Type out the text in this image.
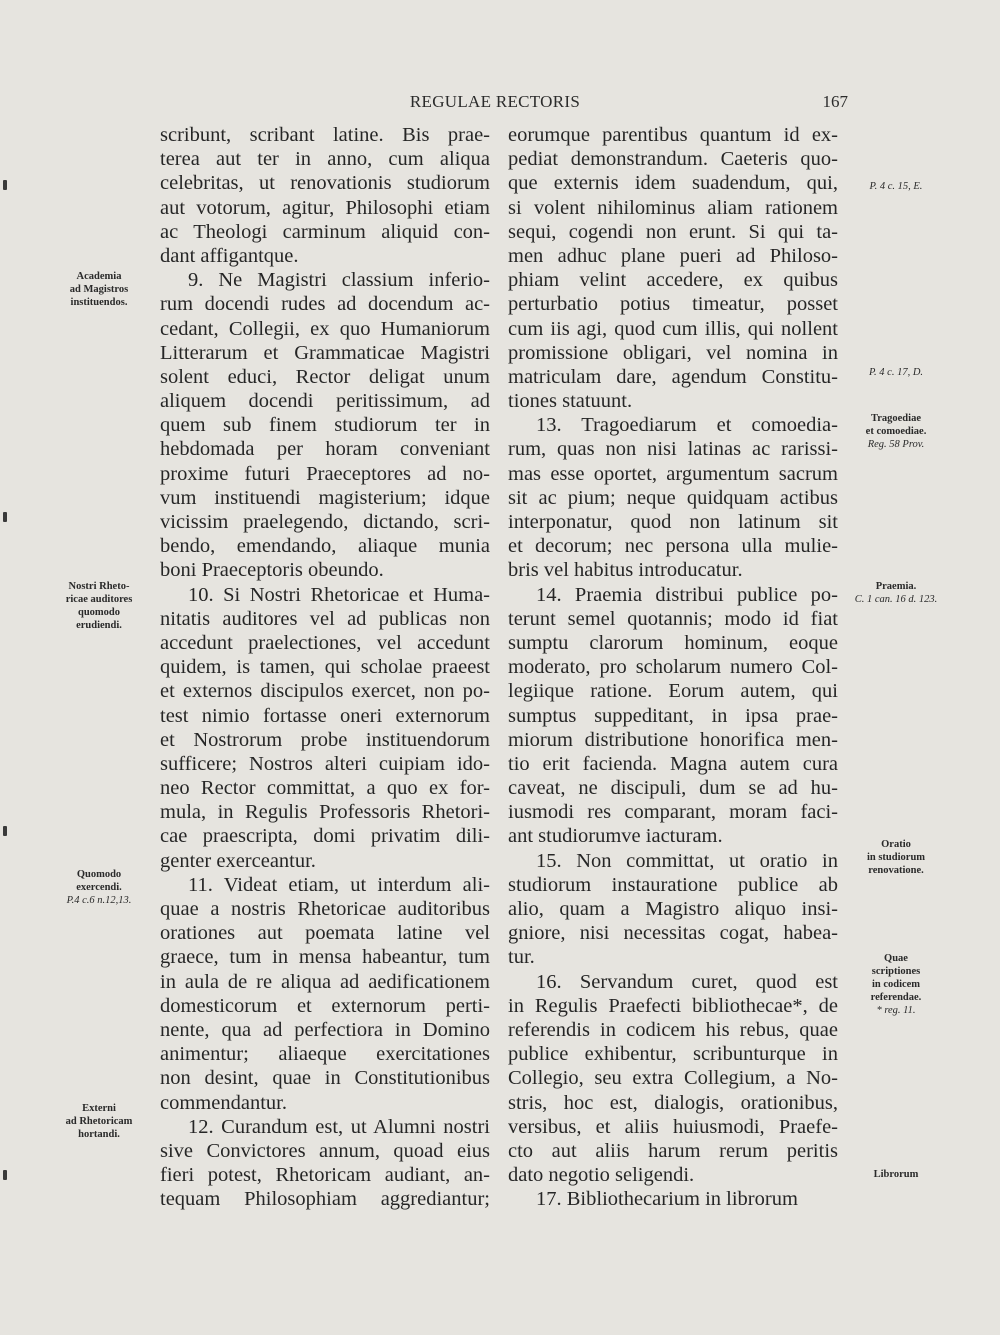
REGULAE RECTORIS	167
scribunt, scribant latine. Bis prae-
terea aut ter in anno, cum aliqua
celebritas, ut renovationis studiorum
aut votorum, agitur, Philosophi etiam
ac Theologi carminum aliquid con-
dant affigantque.
9. Ne Magistri classium inferio-
rum docendi rudes ad docendum ac-
cedant, Collegii, ex quo Humaniorum
Litterarum et Grammaticae Magistri
solent educi, Rector deligat unum
aliquem docendi peritissimum, ad
quem sub finem studiorum ter in
hebdomada per horam conveniant
proxime futuri Praeceptores ad no-
vum instituendi magisterium; idque
vicissim praelegendo, dictando, scri-
bendo, emendando, aliaque munia
boni Praeceptoris obeundo.
10. Si Nostri Rhetoricae et Huma-
nitatis auditores vel ad publicas non
accedunt praelectiones, vel accedunt
quidem, is tamen, qui scholae praeest
et externos discipulos exercet, non po-
test nimio fortasse oneri externorum
et Nostrorum probe instituendorum
sufficere; Nostros alteri cuipiam ido-
neo Rector committat, a quo ex for-
mula, in Regulis Professoris Rhetori-
cae praescripta, domi privatim dili-
genter exerceantur.
11. Videat etiam, ut interdum ali-
quae a nostris Rhetoricae auditoribus
orationes aut poemata latine vel
graece, tum in mensa habeantur, tum
in aula de re aliqua ad aedificationem
domesticorum et externorum perti-
nente, qua ad perfectiora in Domino
animentur; aliaeque exercitationes
non desint, quae in Constitutionibus
commendantur.
12. Curandum est, ut Alumni nostri
sive Convictores annum, quoad eius
fieri potest, Rhetoricam audiant, an-
tequam Philosophiam aggrediantur;
eorumque parentibus quantum id ex-
pediat demonstrandum. Caeteris quo-
que externis idem suadendum, qui,
si volent nihilominus aliam rationem
sequi, cogendi non erunt. Si qui ta-
men adhuc plane pueri ad Philoso-
phiam velint accedere, ex quibus
perturbatio potius timeatur, posset
cum iis agi, quod cum illis, qui nollent
promissione obligari, vel nomina in
matriculam dare, agendum Constitu-
tiones statuunt.
13. Tragoediarum et comoedia-
rum, quas non nisi latinas ac rarissi-
mas esse oportet, argumentum sacrum
sit ac pium; neque quidquam actibus
interponatur, quod non latinum sit
et decorum; nec persona ulla mulie-
bris vel habitus introducatur.
14. Praemia distribui publice po-
terunt semel quotannis; modo id fiat
sumptu clarorum hominum, eoque
moderato, pro scholarum numero Col-
legiique ratione. Eorum autem, qui
sumptus suppeditant, in ipsa prae-
miorum distributione honorifica men-
tio erit facienda. Magna autem cura
caveat, ne discipuli, dum se ad hu-
iusmodi res comparant, moram faci-
ant studiorumve iacturam.
15. Non committat, ut oratio in
studiorum instauratione publice ab
alio, quam a Magistro aliquo insi-
gniore, nisi necessitas cogat, habea-
tur.
16. Servandum curet, quod est
in Regulis Praefecti bibliothecae*, de
referendis in codicem his rebus, quae
publice exhibentur, scribunturque in
Collegio, seu extra Collegium, a No-
stris, hoc est, dialogis, orationibus,
versibus, et aliis huiusmodi, Praefe-
cto aut aliis harum rerum peritis
dato negotio seligendi.
17. Bibliothecarium in librorum
Academia
ad Magistros
instituendos.
Nostri Rheto-
ricae auditores
quomodo
erudiendi.
Quomodo
exercendi.
P.4 c.6 n.12,13.
Externi
ad Rhetoricam
hortandi.
P. 4 c. 15, E.
P. 4 c. 17, D.
Tragoediae
et comoediae.
Reg. 58 Prov.
Praemia.
C. 1 can. 16 d. 123.
Oratio
in studiorum
renovatione.
Quae
scriptiones
in codicem
referendae.
* reg. 11.
Librorum
